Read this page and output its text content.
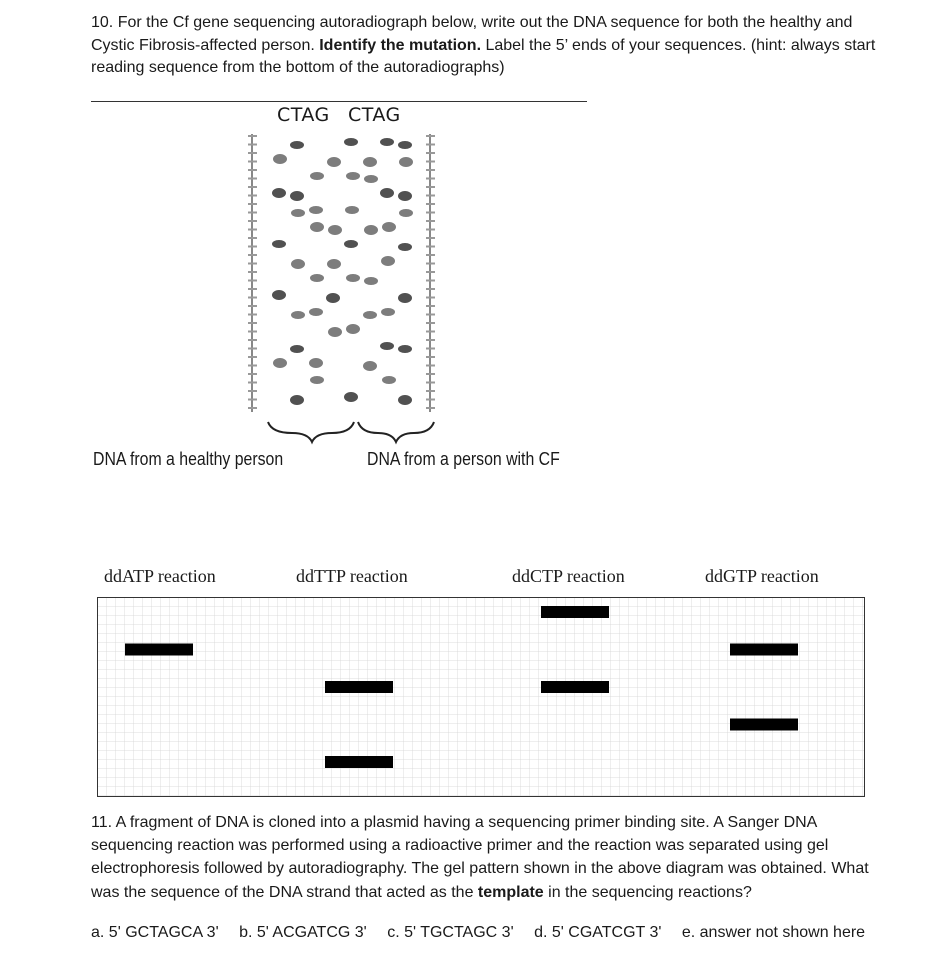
10. For the Cf gene sequencing autoradiograph below, write out the DNA sequence for both the healthy and Cystic Fibrosis-affected person. Identify the mutation. Label the 5’ ends of your sequences. (hint: always start reading sequence from the bottom of the autoradiographs)
CTAG CTAG
DNA from a healthy person	DNA from a person with CF
ddATP reaction	ddTTP reaction	ddCTP reaction	ddGTP reaction
11. A fragment of DNA is cloned into a plasmid having a sequencing primer binding site. A Sanger DNA sequencing reaction was performed using a radioactive primer and the reaction was separated using gel electrophoresis followed by autoradiography. The gel pattern shown in the above diagram was obtained. What was the sequence of the DNA strand that acted as the template in the sequencing reactions?
a. 5' GCTAGCA 3' b. 5' ACGATCG 3' c. 5' TGCTAGC 3' d. 5' CGATCGT 3' e. answer not shown here
